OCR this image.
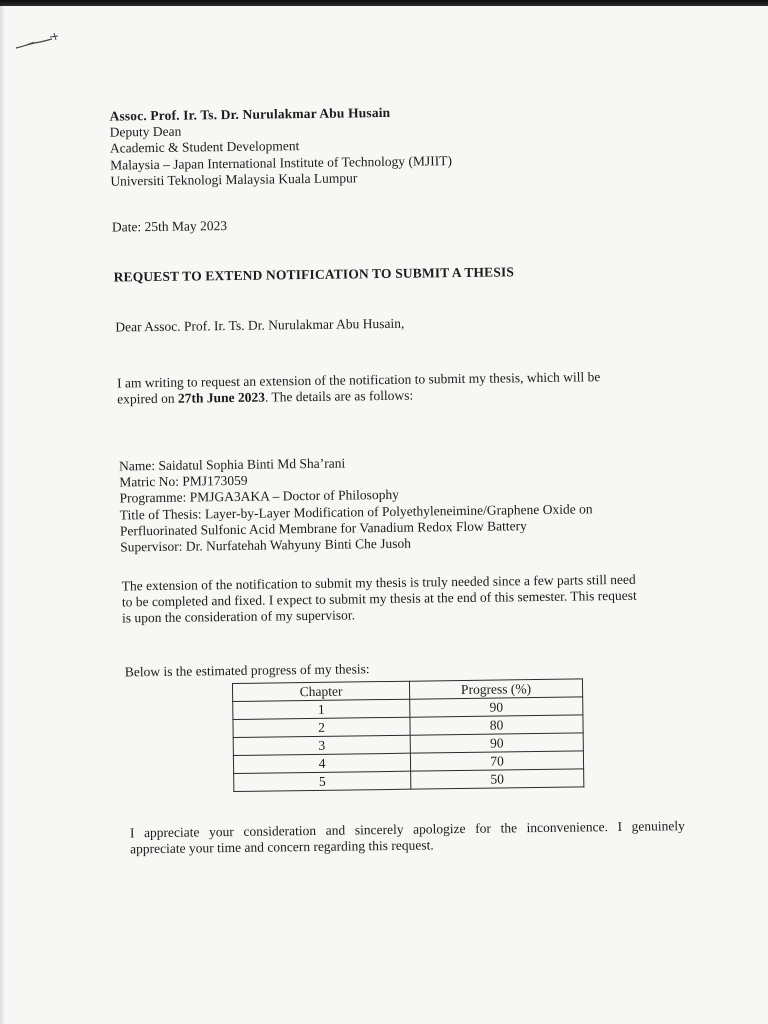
Assoc. Prof. Ir. Ts. Dr. Nurulakmar Abu Husain
Deputy Dean
Academic & Student Development
Malaysia – Japan International Institute of Technology (MJIIT)
Universiti Teknologi Malaysia Kuala Lumpur
Date: 25th May 2023
REQUEST TO EXTEND NOTIFICATION TO SUBMIT A THESIS
Dear Assoc. Prof. Ir. Ts. Dr. Nurulakmar Abu Husain,
I am writing to request an extension of the notification to submit my thesis, which will be
expired on 27th June 2023. The details are as follows:
Name: Saidatul Sophia Binti Md Sha’rani
Matric No: PMJ173059
Programme: PMJGA3AKA – Doctor of Philosophy
Title of Thesis: Layer-by-Layer Modification of Polyethyleneimine/Graphene Oxide on
Perfluorinated Sulfonic Acid Membrane for Vanadium Redox Flow Battery
Supervisor: Dr. Nurfatehah Wahyuny Binti Che Jusoh
The extension of the notification to submit my thesis is truly needed since a few parts still need
to be completed and fixed. I expect to submit my thesis at the end of this semester. This request
is upon the consideration of my supervisor.
Below is the estimated progress of my thesis:
Chapter	Progress (%)
1	90
2	80
3	90
4	70
5	50
I appreciate your consideration and sincerely apologize for the inconvenience. I genuinely
appreciate your time and concern regarding this request.
